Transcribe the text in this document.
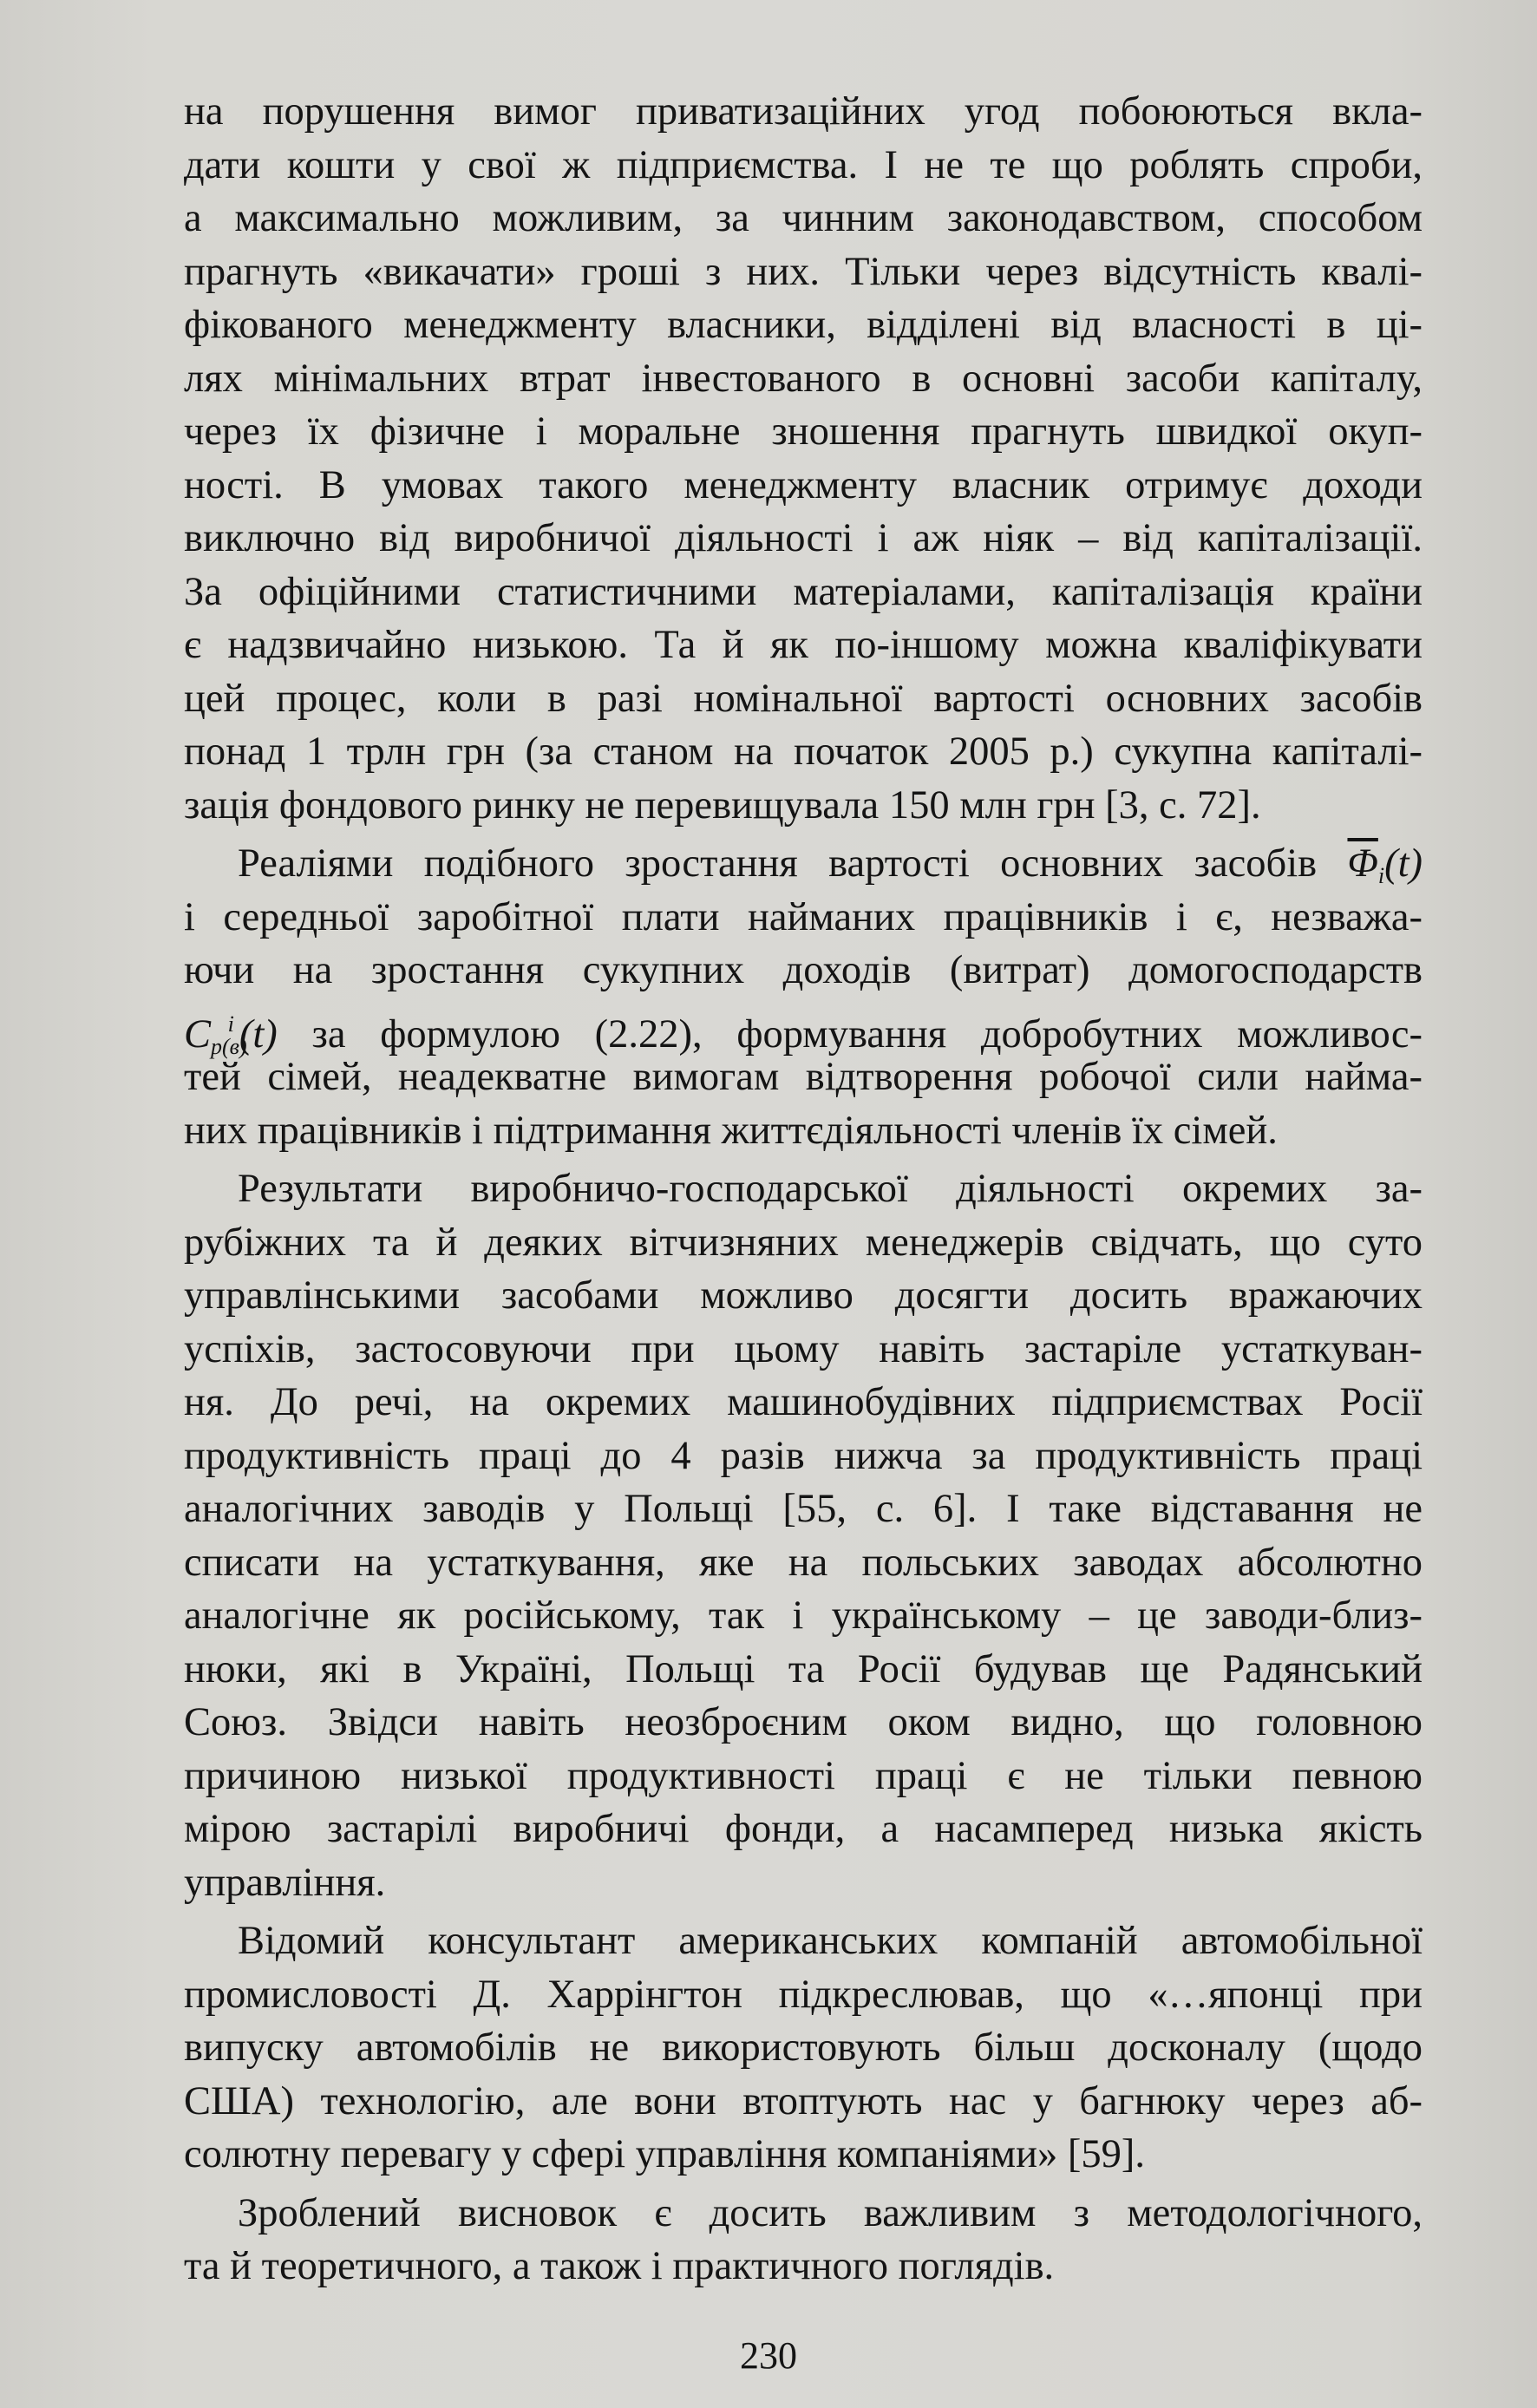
на порушення вимог приватизаційних угод побоюються вкла-
дати кошти у свої ж підприємства. І не те що роблять спроби,
а максимально можливим, за чинним законодавством, способом
прагнуть «викачати» гроші з них. Тільки через відсутність квалі-
фікованого менеджменту власники, відділені від власності в ці-
лях мінімальних втрат інвестованого в основні засоби капіталу,
через їх фізичне і моральне зношення прагнуть швидкої окуп-
ності. В умовах такого менеджменту власник отримує доходи
виключно від виробничої діяльності і аж ніяк – від капіталізації.
За офіційними статистичними матеріалами, капіталізація країни
є надзвичайно низькою. Та й як по-іншому можна кваліфікувати
цей процес, коли в разі номінальної вартості основних засобів
понад 1 трлн грн (за станом на початок 2005 р.) сукупна капіталі-
зація фондового ринку не перевищувала 150 млн грн [3, с. 72].
Реаліями подібного зростання вартості основних засобів $\overline{\Phi}_i(t)$
і середньої заробітної плати найманих працівників і є, незважа-
ючи на зростання сукупних доходів (витрат) домогосподарств
$C_{p(в)}^i$ (t) за формулою (2.22), формування добробутних можливос-
тей сімей, неадекватне вимогам відтворення робочої сили найма-
них працівників і підтримання життєдіяльності членів їх сімей.
Результати виробничо-господарської діяльності окремих за-
рубіжних та й деяких вітчизняних менеджерів свідчать, що суто
управлінськими засобами можливо досягти досить вражаючих
успіхів, застосовуючи при цьому навіть застаріле устаткуван-
ня. До речі, на окремих машинобудівних підприємствах Росії
продуктивність праці до 4 разів нижча за продуктивність праці
аналогічних заводів у Польщі [55, с. 6]. І таке відставання не
списати на устаткування, яке на польських заводах абсолютно
аналогічне як російському, так і українському – це заводи-близ-
нюки, які в Україні, Польщі та Росії будував ще Радянський
Союз. Звідси навіть неозброєним оком видно, що головною
причиною низької продуктивності праці є не тільки певною
мірою застарілі виробничі фонди, а насамперед низька якість
управління.
Відомий консультант американських компаній автомобільної
промисловості Д. Харрінгтон підкреслював, що «…японці при
випуску автомобілів не використовують більш досконалу (щодо
США) технологію, але вони втоптують нас у багнюку через аб-
солютну перевагу у сфері управління компаніями» [59].
Зроблений висновок є досить важливим з методологічного,
та й теоретичного, а також і практичного поглядів.
230
